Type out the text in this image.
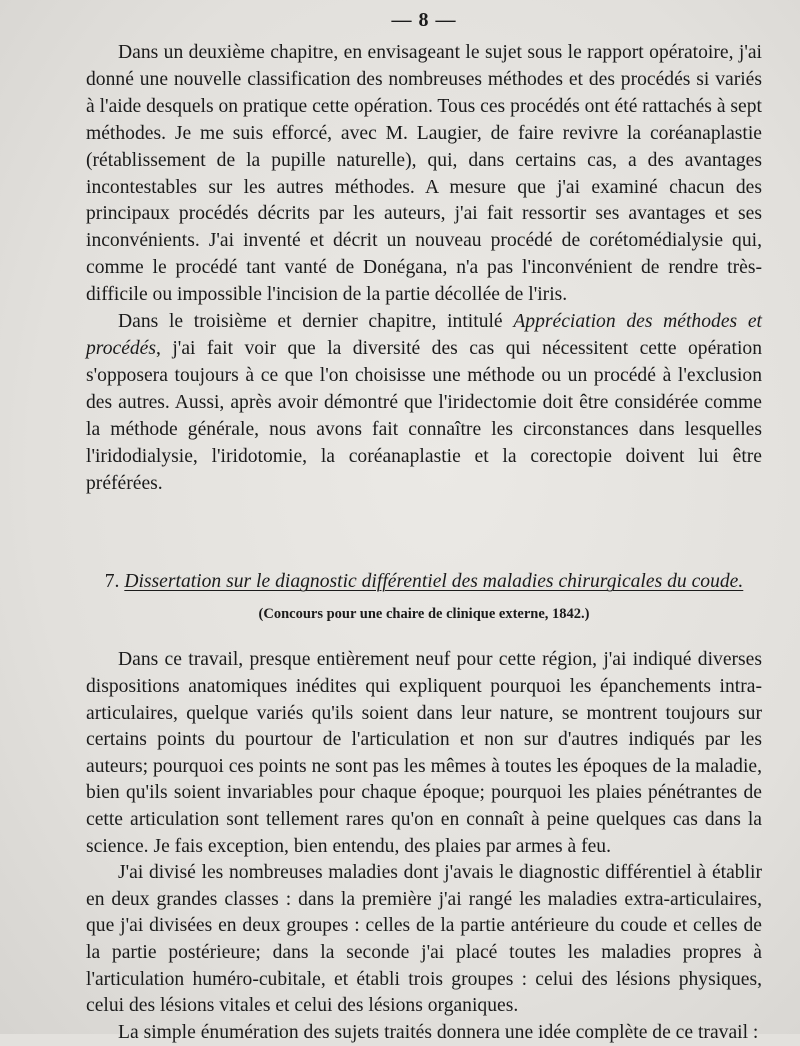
— 8 —

Dans un deuxième chapitre, en envisageant le sujet sous le rapport opératoire, j'ai donné une nouvelle classification des nombreuses méthodes et des procédés si variés à l'aide desquels on pratique cette opération. Tous ces procédés ont été rattachés à sept méthodes. Je me suis efforcé, avec M. Laugier, de faire revivre la coréanaplastie (rétablissement de la pupille naturelle), qui, dans certains cas, a des avantages incontestables sur les autres méthodes. A mesure que j'ai examiné chacun des principaux procédés décrits par les auteurs, j'ai fait ressortir ses avantages et ses inconvénients. J'ai inventé et décrit un nouveau procédé de corétomédialysie qui, comme le procédé tant vanté de Donégana, n'a pas l'inconvénient de rendre très-difficile ou impossible l'incision de la partie décollée de l'iris.

Dans le troisième et dernier chapitre, intitulé Appréciation des méthodes et procédés, j'ai fait voir que la diversité des cas qui nécessitent cette opération s'opposera toujours à ce que l'on choisisse une méthode ou un procédé à l'exclusion des autres. Aussi, après avoir démontré que l'iridectomie doit être considérée comme la méthode générale, nous avons fait connaître les circonstances dans lesquelles l'iridodialysie, l'iridotomie, la coréanaplastie et la corectopie doivent lui être préférées.

7. Dissertation sur le diagnostic différentiel des maladies chirurgicales du coude.
(Concours pour une chaire de clinique externe, 1842.)

Dans ce travail, presque entièrement neuf pour cette région, j'ai indiqué diverses dispositions anatomiques inédites qui expliquent pourquoi les épanchements intra-articulaires, quelque variés qu'ils soient dans leur nature, se montrent toujours sur certains points du pourtour de l'articulation et non sur d'autres indiqués par les auteurs; pourquoi ces points ne sont pas les mêmes à toutes les époques de la maladie, bien qu'ils soient invariables pour chaque époque; pourquoi les plaies pénétrantes de cette articulation sont tellement rares qu'on en connaît à peine quelques cas dans la science. Je fais exception, bien entendu, des plaies par armes à feu.

J'ai divisé les nombreuses maladies dont j'avais le diagnostic différentiel à établir en deux grandes classes : dans la première j'ai rangé les maladies extra-articulaires, que j'ai divisées en deux groupes : celles de la partie antérieure du coude et celles de la partie postérieure; dans la seconde j'ai placé toutes les maladies propres à l'articulation huméro-cubitale, et établi trois groupes : celui des lésions physiques, celui des lésions vitales et celui des lésions organiques.

La simple énumération des sujets traités donnera une idée complète de ce travail :
